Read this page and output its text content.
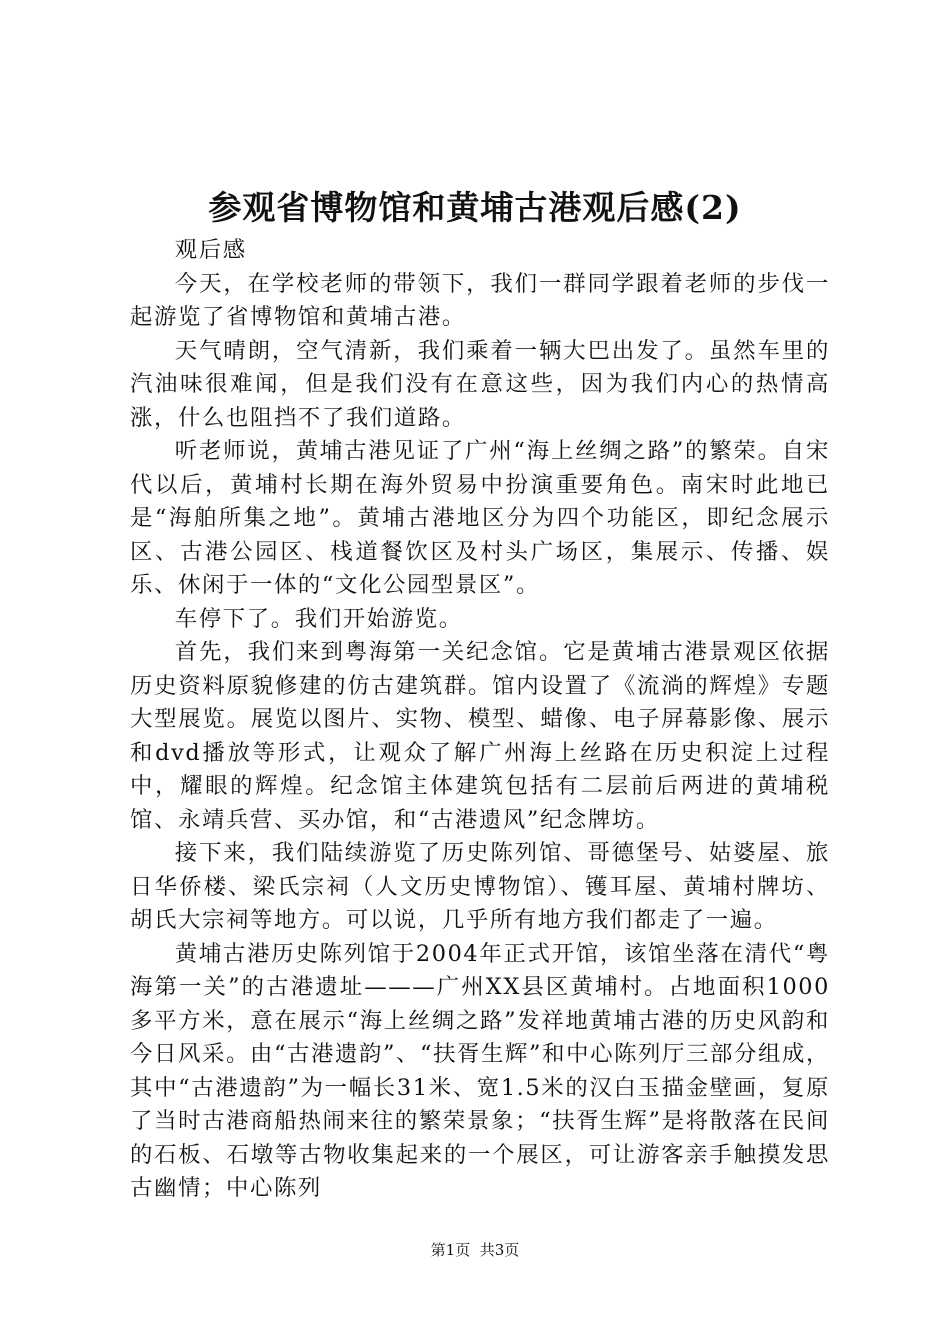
参观省博物馆和黄埔古港观后感(2)

观后感

今天，在学校老师的带领下，我们一群同学跟着老师的步伐一起游览了省博物馆和黄埔古港。

天气晴朗，空气清新，我们乘着一辆大巴出发了。虽然车里的汽油味很难闻，但是我们没有在意这些，因为我们内心的热情高涨，什么也阻挡不了我们道路。

听老师说，黄埔古港见证了广州“海上丝绸之路”的繁荣。自宋代以后，黄埔村长期在海外贸易中扮演重要角色。南宋时此地已是“海舶所集之地”。黄埔古港地区分为四个功能区，即纪念展示区、古港公园区、栈道餐饮区及村头广场区，集展示、传播、娱乐、休闲于一体的“文化公园型景区”。

车停下了。我们开始游览。

首先，我们来到粤海第一关纪念馆。它是黄埔古港景观区依据历史资料原貌修建的仿古建筑群。馆内设置了《流淌的辉煌》专题大型展览。展览以图片、实物、模型、蜡像、电子屏幕影像、展示和dvd播放等形式，让观众了解广州海上丝路在历史积淀上过程中，耀眼的辉煌。纪念馆主体建筑包括有二层前后两进的黄埔税馆、永靖兵营、买办馆，和“古港遗风”纪念牌坊。

接下来，我们陆续游览了历史陈列馆、哥德堡号、姑婆屋、旅日华侨楼、梁氏宗祠（人文历史博物馆）、镬耳屋、黄埔村牌坊、胡氏大宗祠等地方。可以说，几乎所有地方我们都走了一遍。

黄埔古港历史陈列馆于2004年正式开馆，该馆坐落在清代“粤海第一关”的古港遗址———广州XX县区黄埔村。占地面积1000多平方米，意在展示“海上丝绸之路”发祥地黄埔古港的历史风韵和今日风采。由“古港遗韵”、“扶胥生辉”和中心陈列厅三部分组成，其中“古港遗韵”为一幅长31米、宽1.5米的汉白玉描金壁画，复原了当时古港商船热闹来往的繁荣景象；“扶胥生辉”是将散落在民间的石板、石墩等古物收集起来的一个展区，可让游客亲手触摸发思古幽情；中心陈列

第1页 共3页
